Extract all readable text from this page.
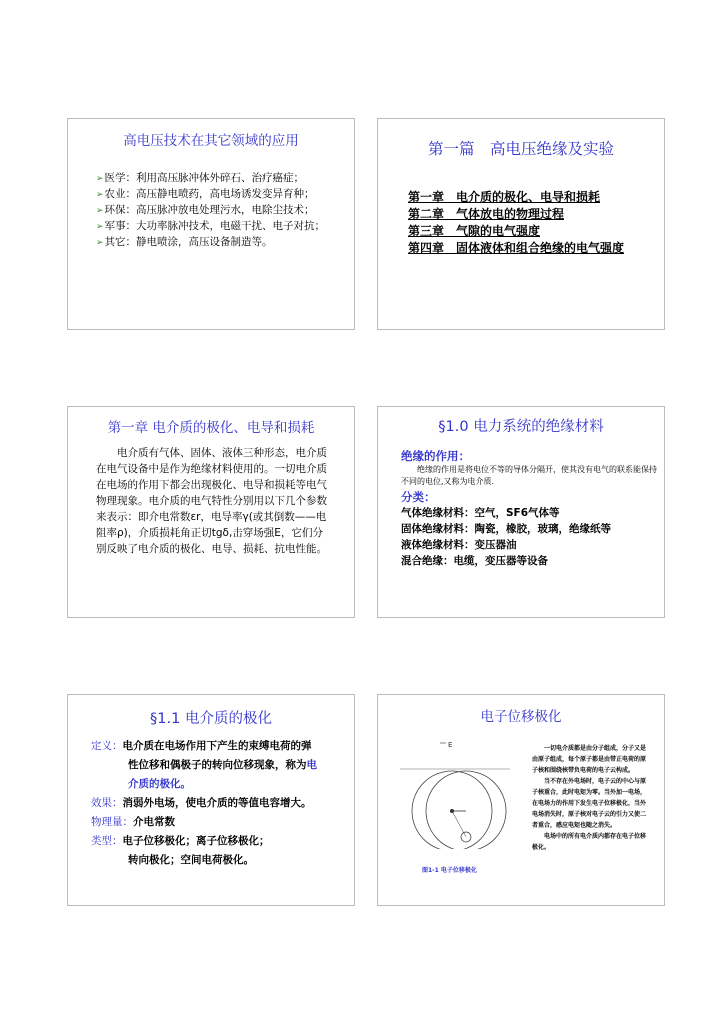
高电压技术在其它领域的应用
➢医学：利用高压脉冲体外碎石、治疗癌症；
➢农业：高压静电喷药，高电场诱发变异育种；
➢环保：高压脉冲放电处理污水，电除尘技术；
➢军事：大功率脉冲技术，电磁干扰、电子对抗；
➢其它：静电喷涂，高压设备制造等。
第一篇　高电压绝缘及实验
第一章　电介质的极化、电导和损耗
第二章　气体放电的物理过程
第三章　气隙的电气强度
第四章　固体液体和组合绝缘的电气强度
第一章 电介质的极化、电导和损耗

电介质有气体、固体、液体三种形态，电介质在电气设备中是作为绝缘材料使用的。一切电介质在电场的作用下都会出现极化、电导和损耗等电气物理现象。电介质的电气特性分别用以下几个参数来表示：即介电常数εr，电导率γ(或其倒数——电阻率ρ)，介质损耗角正切tgδ,击穿场强E，它们分别反映了电介质的极化、电导、损耗、抗电性能。

§1.0 电力系统的绝缘材料
绝缘的作用：
绝缘的作用是将电位不等的导体分隔开，使其没有电气的联系能保持不同的电位,又称为电介质.
分类：
气体绝缘材料：空气，SF6气体等
固体绝缘材料：陶瓷，橡胶，玻璃，绝缘纸等
液体绝缘材料：变压器油
混合绝缘：电缆，变压器等设备
§1.1 电介质的极化
定义： 电介质在电场作用下产生的束缚电荷的弹
性位移和偶极子的转向位移现象，称为电
介质的极化。
效果： 消弱外电场，使电介质的等值电容增大。
物理量： 介电常数
类型： 电子位移极化；离子位移极化；
转向极化；空间电荷极化。
电子位移极化
E
图1-1 电子位移极化

一切电介质都是由分子组成，分子又是由原子组成，每个原子都是由带正电荷的原子核和围绕核带负电荷的电子云构成。

当不存在外电场时，电子云的中心与原子核重合，此时电矩为零。当外加一电场，在电场力的作用下发生电子位移极化，当外电场消失时，原子核对电子云的引力又使二者重合，感应电矩也随之消失。

电场中的所有电介质内都存在电子位移极化。
